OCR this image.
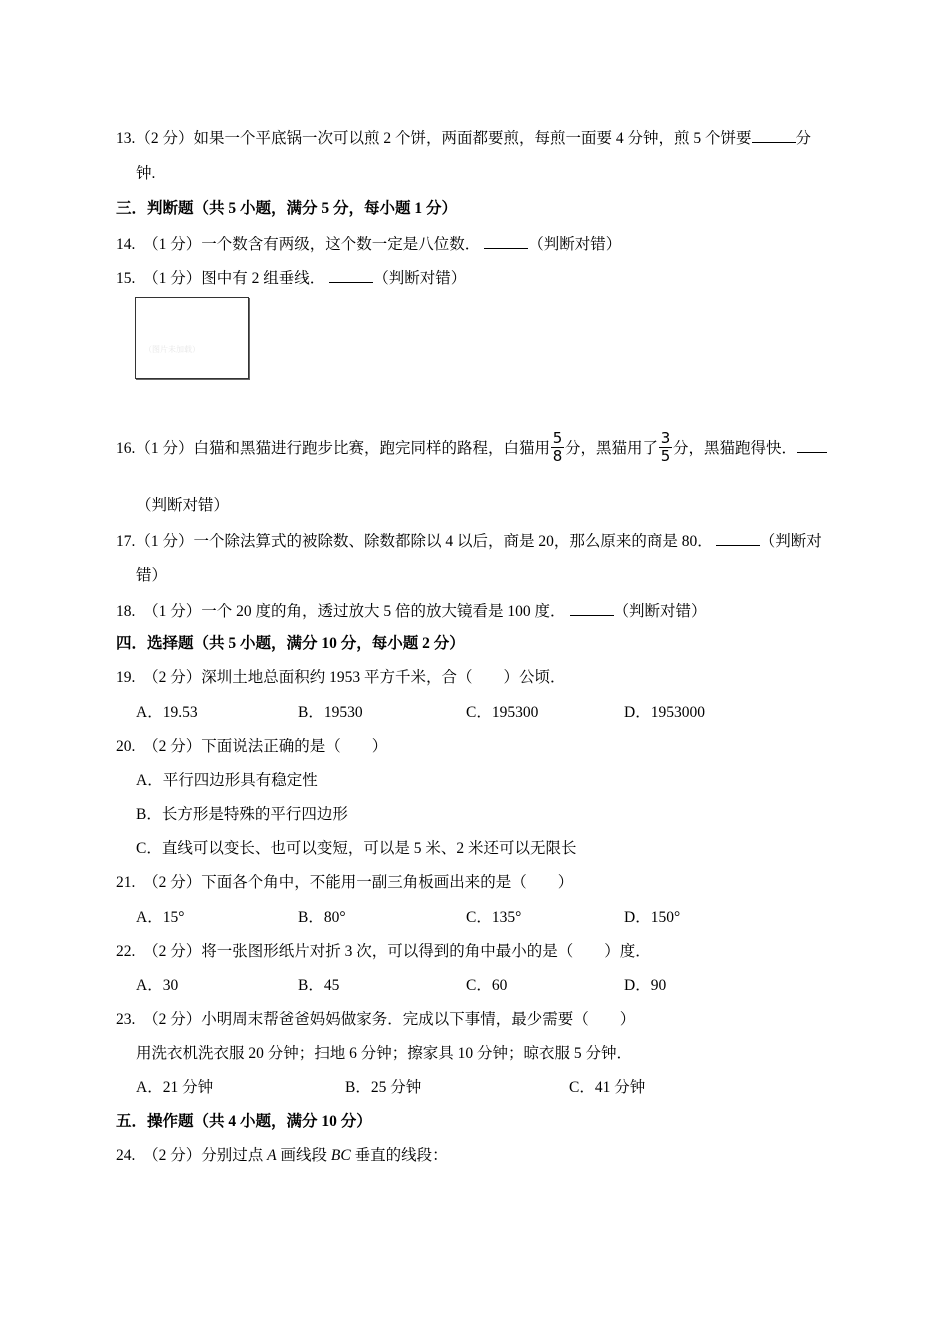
13.（2 分）如果一个平底锅一次可以煎 2 个饼，两面都要煎，每煎一面要 4 分钟，煎 5 个饼要	分
钟.
三．判断题（共 5 小题，满分 5 分，每小题 1 分）
14. （1 分）一个数含有两级，这个数一定是八位数．	（判断对错）
15. （1 分）图中有 2 组垂线．	（判断对错）
（图片未加载）
16.（1 分）白猫和黑猫进行跑步比赛，跑完同样的路程，白猫用 $\frac{5}{8}$ 分，黑猫用了 $\frac{3}{5}$ 分，黑猫跑得快．
（判断对错）
17.（1 分）一个除法算式的被除数、除数都除以 4 以后，商是 20，那么原来的商是 80．	（判断对
错）
18. （1 分）一个 20 度的角，透过放大 5 倍的放大镜看是 100 度．	（判断对错）
四．选择题（共 5 小题，满分 10 分，每小题 2 分）
19. （2 分）深圳土地总面积约 1953 平方千米，合（　　）公顷．
A．19.53	B．19530	C．195300	D．1953000
20. （2 分）下面说法正确的是（　　）
A．平行四边形具有稳定性
B．长方形是特殊的平行四边形
C．直线可以变长、也可以变短，可以是 5 米、2 米还可以无限长
21. （2 分）下面各个角中，不能用一副三角板画出来的是（　　）
A．15°	B．80°	C．135°	D．150°
22. （2 分）将一张图形纸片对折 3 次，可以得到的角中最小的是（　　）度．
A．30	B．45	C．60	D．90
23. （2 分）小明周末帮爸爸妈妈做家务．完成以下事情，最少需要（　　）
用洗衣机洗衣服 20 分钟；扫地 6 分钟；擦家具 10 分钟；晾衣服 5 分钟．
A．21 分钟	B．25 分钟	C．41 分钟
五．操作题（共 4 小题，满分 10 分）
24. （2 分）分别过点 A 画线段 BC 垂直的线段：
